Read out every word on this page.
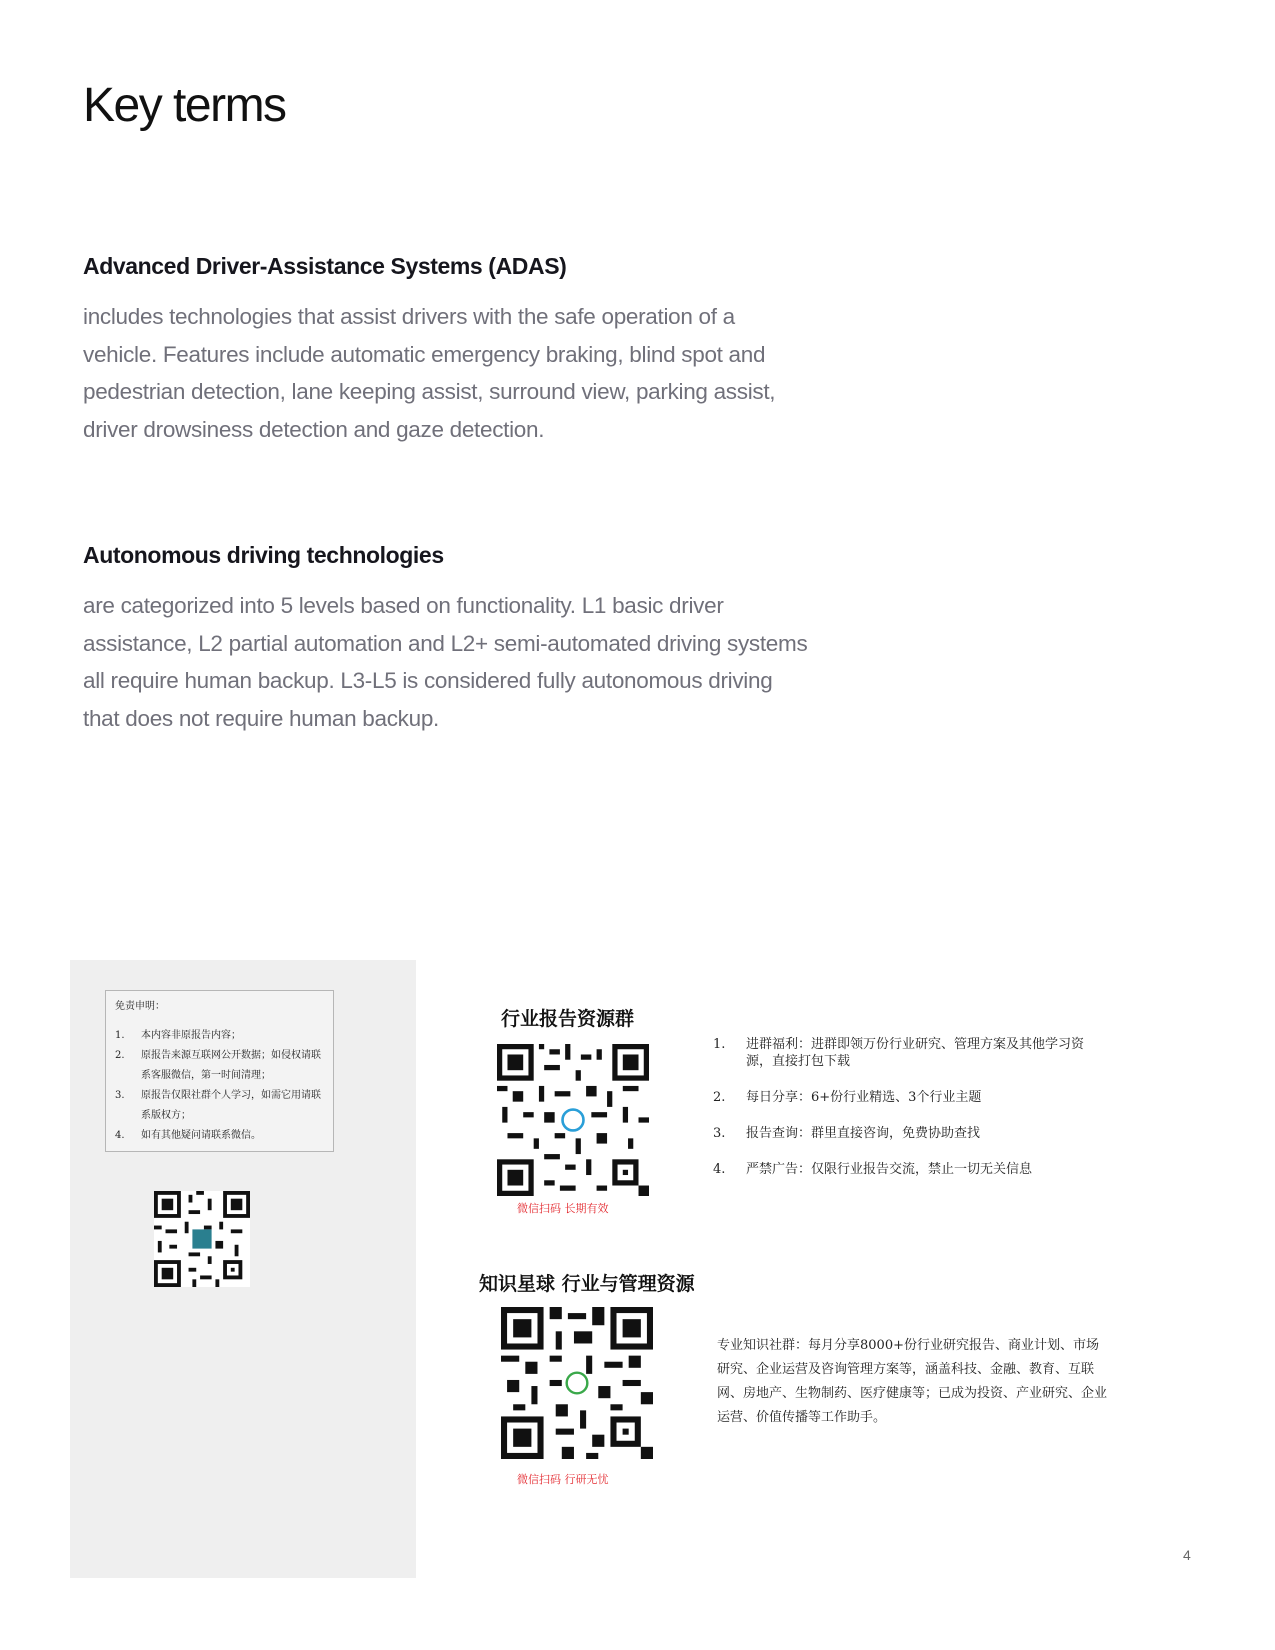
Key terms
Advanced Driver-Assistance Systems (ADAS)

includes technologies that assist drivers with the safe operation of a
vehicle. Features include automatic emergency braking, blind spot and
pedestrian detection, lane keeping assist, surround view, parking assist,
driver drowsiness detection and gaze detection.

Autonomous driving technologies

are categorized into 5 levels based on functionality. L1 basic driver
assistance, L2 partial automation and L2+ semi-automated driving systems
all require human backup. L3-L5 is considered fully autonomous driving
that does not require human backup.

免责申明：
1.	本内容非原报告内容；
2.	原报告来源互联网公开数据；如侵权请联系客服微信，第一时间清理；
3.	原报告仅限社群个人学习，如需它用请联系版权方；
4.	如有其他疑问请联系微信。
行业报告资源群
微信扫码 长期有效
1.	进群福利：进群即领万份行业研究、管理方案及其他学习资源，直接打包下载
2.	每日分享：6+份行业精选、3个行业主题
3.	报告查询：群里直接咨询，免费协助查找
4.	严禁广告：仅限行业报告交流，禁止一切无关信息
知识星球 行业与管理资源
微信扫码 行研无忧

专业知识社群：每月分享8000+份行业研究报告、商业计划、市场研究、企业运营及咨询管理方案等，涵盖科技、金融、教育、互联网、房地产、生物制药、医疗健康等；已成为投资、产业研究、企业运营、价值传播等工作助手。

4
